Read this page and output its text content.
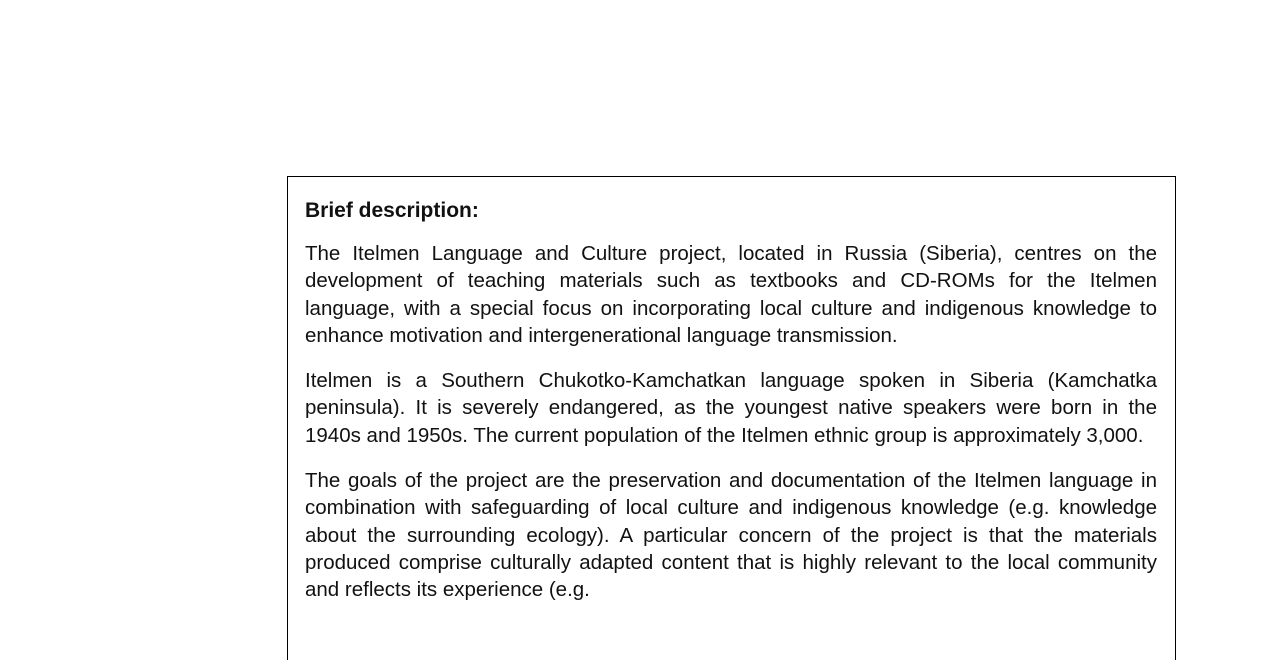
Brief description:

The Itelmen Language and Culture project, located in Russia (Siberia), centres on the development of teaching materials such as textbooks and CD-ROMs for the Itelmen language, with a special focus on incorporating local culture and indigenous knowledge to enhance motivation and intergenerational language transmission.

Itelmen is a Southern Chukotko-Kamchatkan language spoken in Siberia (Kamchatka peninsula). It is severely endangered, as the youngest native speakers were born in the 1940s and 1950s. The current population of the Itelmen ethnic group is approximately 3,000.

The goals of the project are the preservation and documentation of the Itelmen language in combination with safeguarding of local culture and indigenous knowledge (e.g. knowledge about the surrounding ecology). A particular concern of the project is that the materials produced comprise culturally adapted content that is highly relevant to the local community and reflects its experience (e.g.
